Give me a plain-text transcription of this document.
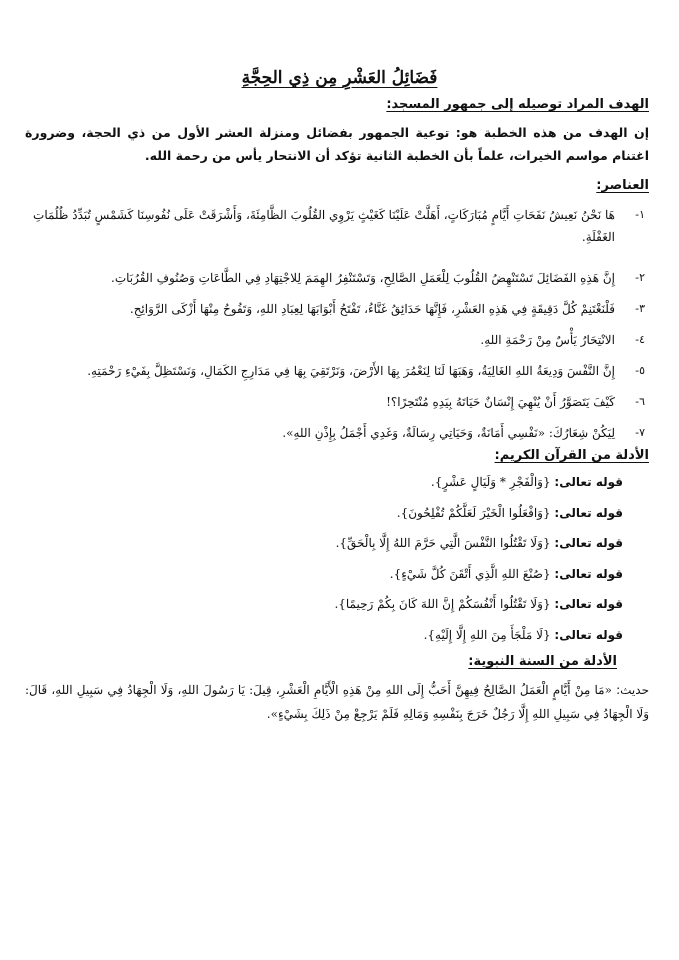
فَضَائِلُ العَشْرِ مِن ذِي الحِجَّةِ
الهدف المراد توصيله إلى جمهور المسجد:
إن الهدف من هذه الخطبة هو: توعية الجمهور بفضائل ومنزلة العشر الأول من ذي الحجة، وضرورة اغتنام مواسم الخيرات، علماً بأن الخطبة الثانية تؤكد أن الانتحار يأس من رحمة الله.
العناصر:
١-
هَا نَحْنُ نَعِيشُ نَفَحَاتِ أَيَّامٍ مُبَارَكَاتٍ، أَهَلَّتْ عَلَيْنَا كَغَيْثٍ يَرْوِي القُلُوبَ الظَّامِئَةَ، وَأَشْرَقَتْ عَلَى نُفُوسِنَا كَشَمْسٍ تُبَدِّدُ ظُلُمَاتِ الغَفْلَةِ.
٢-
إِنَّ هَذِهِ الفَضَائِلَ تَسْتَنْهِضُ القُلُوبَ لِلْعَمَلِ الصَّالِحِ، وَتَسْتَنْفِرُ الهِمَمَ لِلاجْتِهَادِ فِي الطَّاعَاتِ وَصُنُوفِ القُرُبَاتِ.
٣-
فَلْنَغْتَنِمْ كُلَّ دَقِيقَةٍ فِي هَذِهِ العَشْرِ، فَإِنَّهَا حَدَائِقُ غَنَّاءُ، تَفْتَحُ أَبْوَابَهَا لِعِبَادِ اللهِ، وَتَفُوحُ مِنْهَا أَزْكَى الرَّوَائِحِ.
٤-
الانْتِحَارُ يَأْسٌ مِنْ رَحْمَةِ اللهِ.
٥-
إِنَّ النَّفْسَ وَدِيعَةُ اللهِ الغَالِيَةُ، وَهَبَهَا لَنَا لِنَعْمُرَ بِهَا الأَرْضَ، وَنَرْتَقِيَ بِهَا فِي مَدَارِجِ الكَمَالِ، وَنَسْتَظِلَّ بِفَيْءِ رَحْمَتِهِ.
٦-
كَيْفَ يَتَصَوَّرُ أَنْ يُنْهِيَ إِنْسَانٌ حَيَاتَهُ بِيَدِهِ مُنْتَحِرًا؟!
٧-
لِيَكُنْ شِعَارُكَ: «نَفْسِي أَمَانَةٌ، وَحَيَاتِي رِسَالَةٌ، وَغَدِي أَجْمَلُ بِإِذْنِ اللهِ».
الأدلة من القرآن الكريم:
قوله تعالى: {وَالْفَجْرِ * وَلَيَالٍ عَشْرٍ}.
قوله تعالى: {وَافْعَلُوا الْخَيْرَ لَعَلَّكُمْ تُفْلِحُونَ}.
قوله تعالى: {وَلَا تَقْتُلُوا النَّفْسَ الَّتِي حَرَّمَ اللهُ إِلَّا بِالْحَقِّ}.
قوله تعالى: {صُنْعَ اللهِ الَّذِي أَتْقَنَ كُلَّ شَيْءٍ}.
قوله تعالى: {وَلَا تَقْتُلُوا أَنْفُسَكُمْ إِنَّ اللهَ كَانَ بِكُمْ رَحِيمًا}.
قوله تعالى: {لَا مَلْجَأَ مِنَ اللهِ إِلَّا إِلَيْهِ}.
الأدلة من السنة النبوية:
حديث: «مَا مِنْ أَيَّامٍ الْعَمَلُ الصَّالِحُ فِيهِنَّ أَحَبُّ إِلَى اللهِ مِنْ هَذِهِ الْأَيَّامِ الْعَشْرِ، قِيلَ: يَا رَسُولَ اللهِ، وَلَا الْجِهَادُ فِي سَبِيلِ اللهِ، قَالَ: وَلَا الْجِهَادُ فِي سَبِيلِ اللهِ إِلَّا رَجُلٌ خَرَجَ بِنَفْسِهِ وَمَالِهِ فَلَمْ يَرْجِعْ مِنْ ذَلِكَ بِشَيْءٍ».
